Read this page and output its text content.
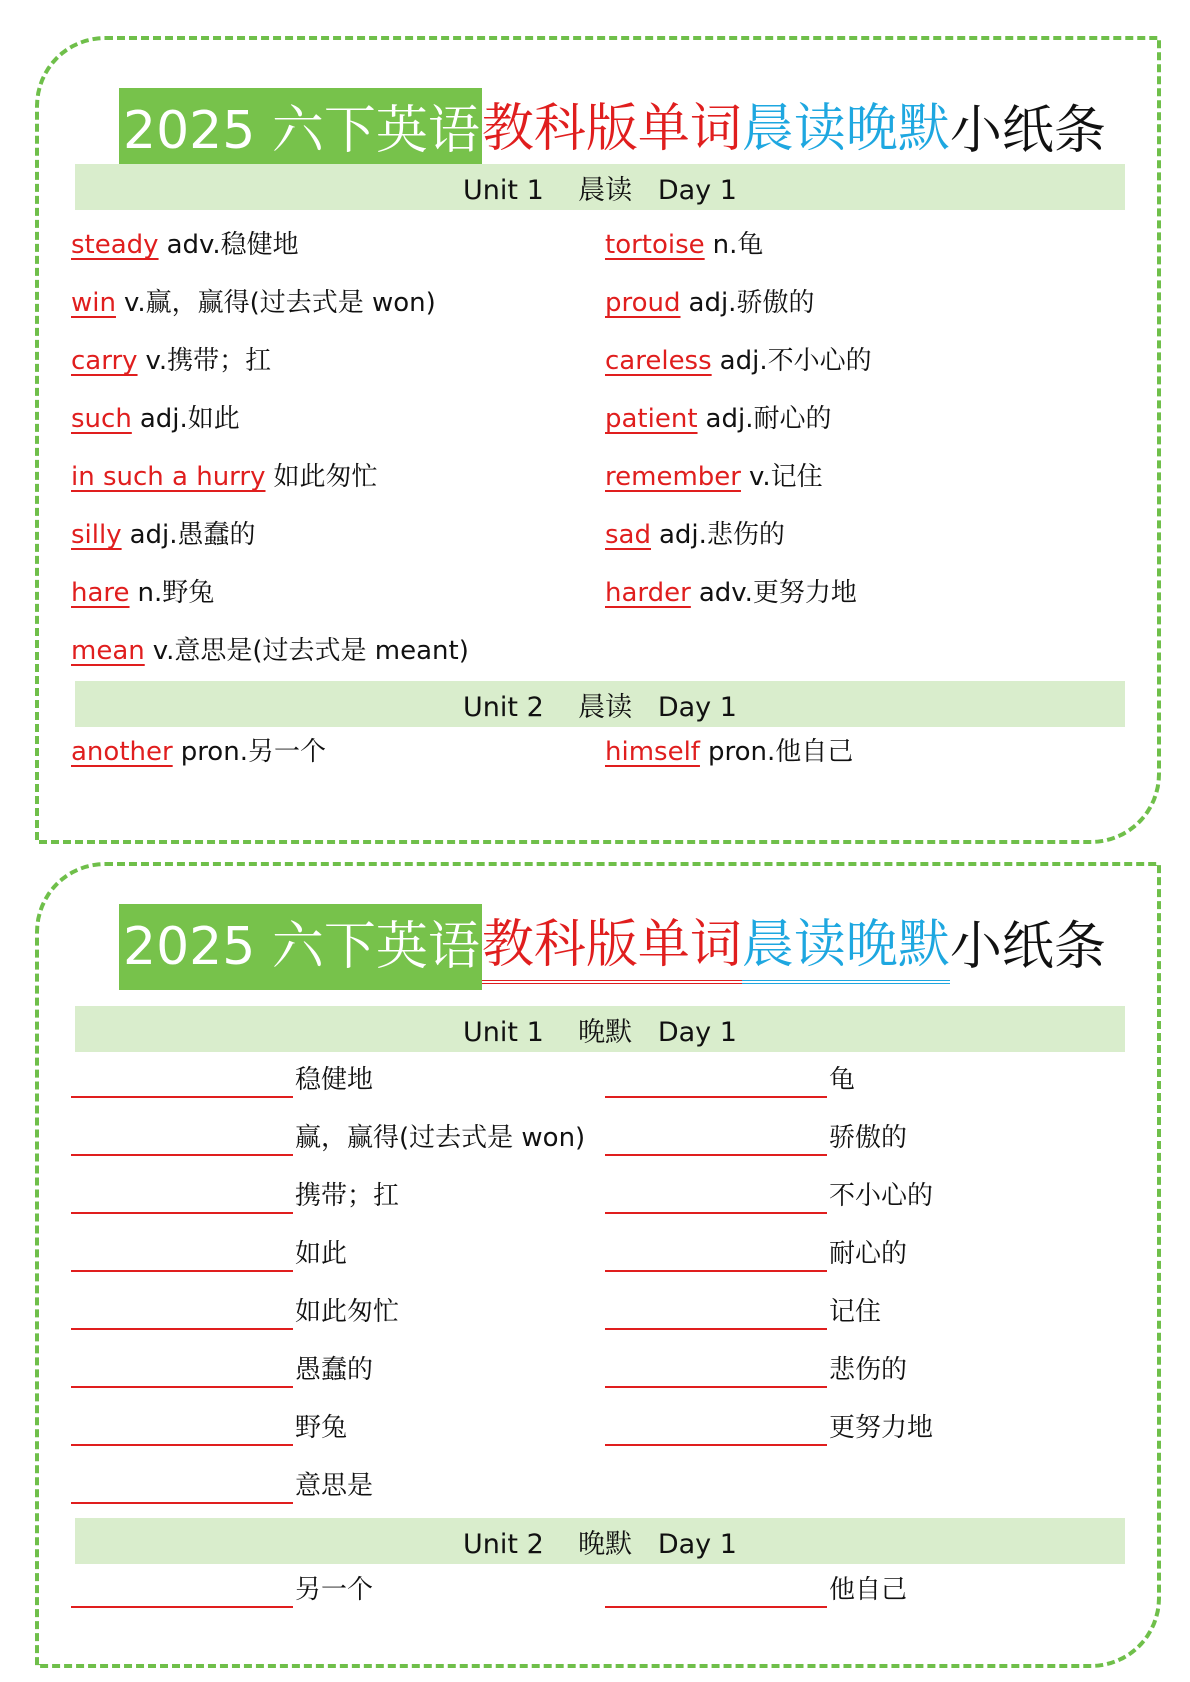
2025 六下英语 教科版单词 晨读晚默 小纸条
Unit 1    晨读   Day 1
steady adv.稳健地
win v.赢，赢得(过去式是 won)
carry v.携带；扛
such adj.如此
in such a hurry 如此匆忙
silly adj.愚蠢的
hare n.野兔
mean v.意思是(过去式是 meant)
tortoise n.龟
proud adj.骄傲的
careless adj.不小心的
patient adj.耐心的
remember v.记住
sad adj.悲伤的
harder adv.更努力地
Unit 2    晨读   Day 1
another pron.另一个	himself pron.他自己
2025 六下英语 教科版单词 晨读晚默 小纸条
Unit 1    晚默   Day 1
稳健地
赢，赢得(过去式是 won)
携带；扛
如此
如此匆忙
愚蠢的
野兔
意思是
龟
骄傲的
不小心的
耐心的
记住
悲伤的
更努力地
Unit 2    晚默   Day 1
另一个	他自己
